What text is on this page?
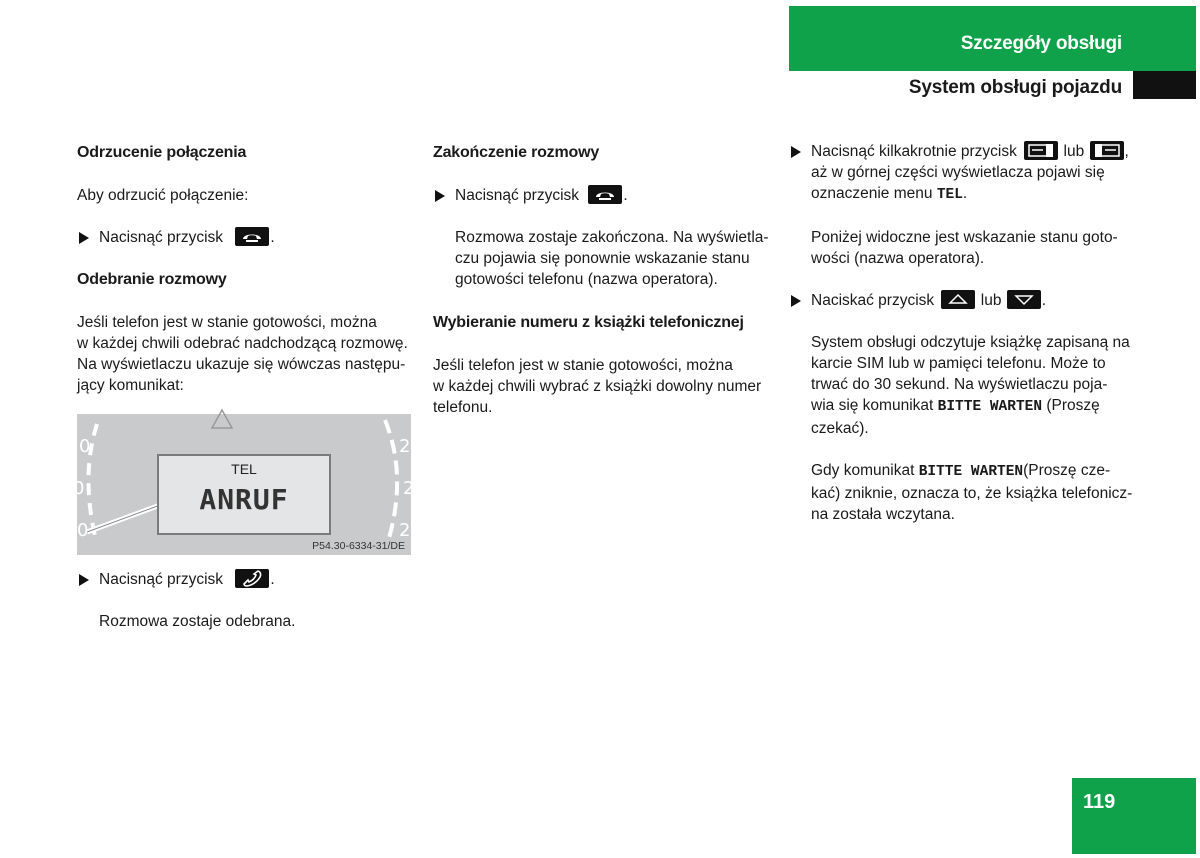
Szczegóły obsługi
System obsługi pojazdu

Odrzucenie połączenia

Aby odrzucić połączenie:

Nacisnąć przycisk	.

Odebranie rozmowy

Jeśli telefon jest w stanie gotowości, można

w każdej chwili odebrać nadchodzącą rozmowę.

Na wyświetlaczu ukazuje się wówczas następu-

jący komunikat:

0
0
0
2
2
2
TEL
ANRUF
P54.30-6334-31/DE

Nacisnąć przycisk	.

Rozmowa zostaje odebrana.

Zakończenie rozmowy

Nacisnąć przycisk	.

Rozmowa zostaje zakończona. Na wyświetla-

czu pojawia się ponownie wskazanie stanu

gotowości telefonu (nazwa operatora).

Wybieranie numeru z książki telefonicznej

Jeśli telefon jest w stanie gotowości, można

w każdej chwili wybrać z książki dowolny numer

telefonu.

Nacisnąć kilkakrotnie przycisk	lub	,

aż w górnej części wyświetlacza pojawi się

oznaczenie menu TEL.

Poniżej widoczne jest wskazanie stanu goto-

wości (nazwa operatora).

Naciskać przycisk	lub	.

System obsługi odczytuje książkę zapisaną na

karcie SIM lub w pamięci telefonu. Może to

trwać do 30 sekund. Na wyświetlaczu poja-

wia się komunikat BITTE WARTEN (Proszę

czekać).

Gdy komunikat BITTE WARTEN(Proszę cze-

kać) zniknie, oznacza to, że książka telefonicz-

na została wczytana.

119
